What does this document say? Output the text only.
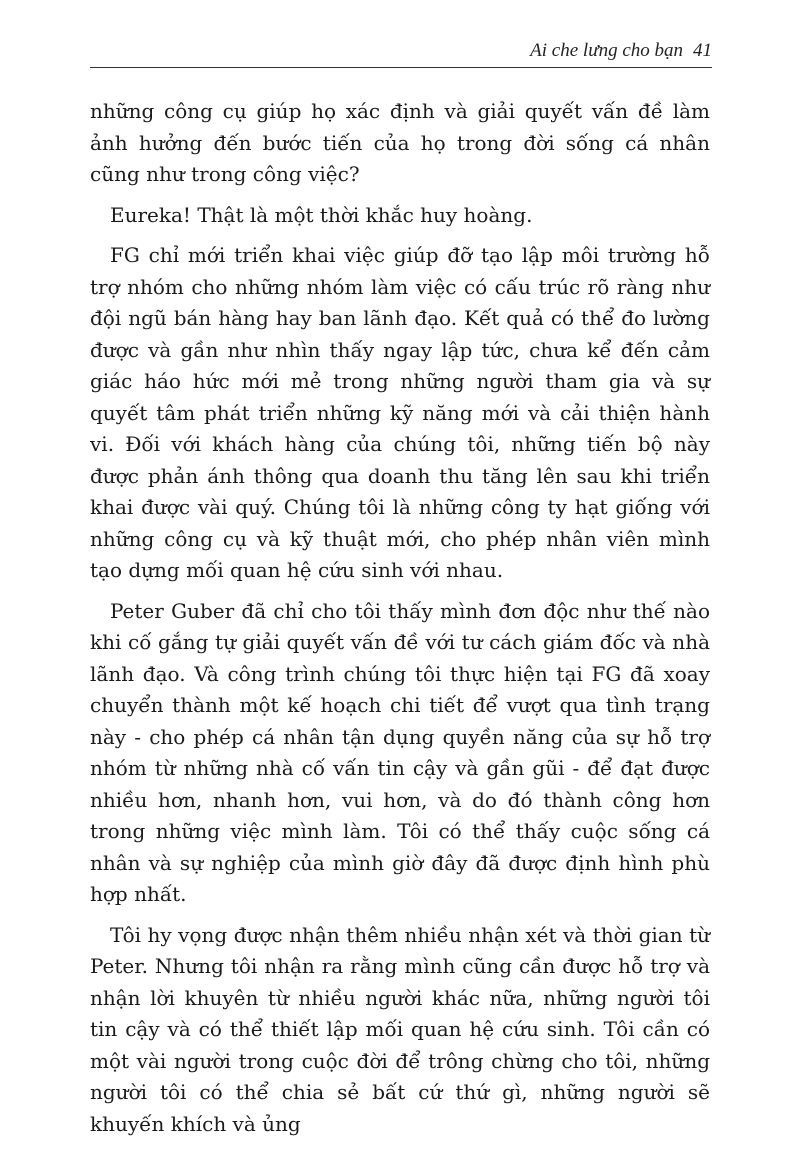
Ai che lưng cho bạn 41

những công cụ giúp họ xác định và giải quyết vấn đề làm ảnh hưởng đến bước tiến của họ trong đời sống cá nhân cũng như trong công việc?

Eureka! Thật là một thời khắc huy hoàng.

FG chỉ mới triển khai việc giúp đỡ tạo lập môi trường hỗ trợ nhóm cho những nhóm làm việc có cấu trúc rõ ràng như đội ngũ bán hàng hay ban lãnh đạo. Kết quả có thể đo lường được và gần như nhìn thấy ngay lập tức, chưa kể đến cảm giác háo hức mới mẻ trong những người tham gia và sự quyết tâm phát triển những kỹ năng mới và cải thiện hành vi. Đối với khách hàng của chúng tôi, những tiến bộ này được phản ánh thông qua doanh thu tăng lên sau khi triển khai được vài quý. Chúng tôi là những công ty hạt giống với những công cụ và kỹ thuật mới, cho phép nhân viên mình tạo dựng mối quan hệ cứu sinh với nhau.

Peter Guber đã chỉ cho tôi thấy mình đơn độc như thế nào khi cố gắng tự giải quyết vấn đề với tư cách giám đốc và nhà lãnh đạo. Và công trình chúng tôi thực hiện tại FG đã xoay chuyển thành một kế hoạch chi tiết để vượt qua tình trạng này - cho phép cá nhân tận dụng quyền năng của sự hỗ trợ nhóm từ những nhà cố vấn tin cậy và gần gũi - để đạt được nhiều hơn, nhanh hơn, vui hơn, và do đó thành công hơn trong những việc mình làm. Tôi có thể thấy cuộc sống cá nhân và sự nghiệp của mình giờ đây đã được định hình phù hợp nhất.

Tôi hy vọng được nhận thêm nhiều nhận xét và thời gian từ Peter. Nhưng tôi nhận ra rằng mình cũng cần được hỗ trợ và nhận lời khuyên từ nhiều người khác nữa, những người tôi tin cậy và có thể thiết lập mối quan hệ cứu sinh. Tôi cần có một vài người trong cuộc đời để trông chừng cho tôi, những người tôi có thể chia sẻ bất cứ thứ gì, những người sẽ khuyến khích và ủng
